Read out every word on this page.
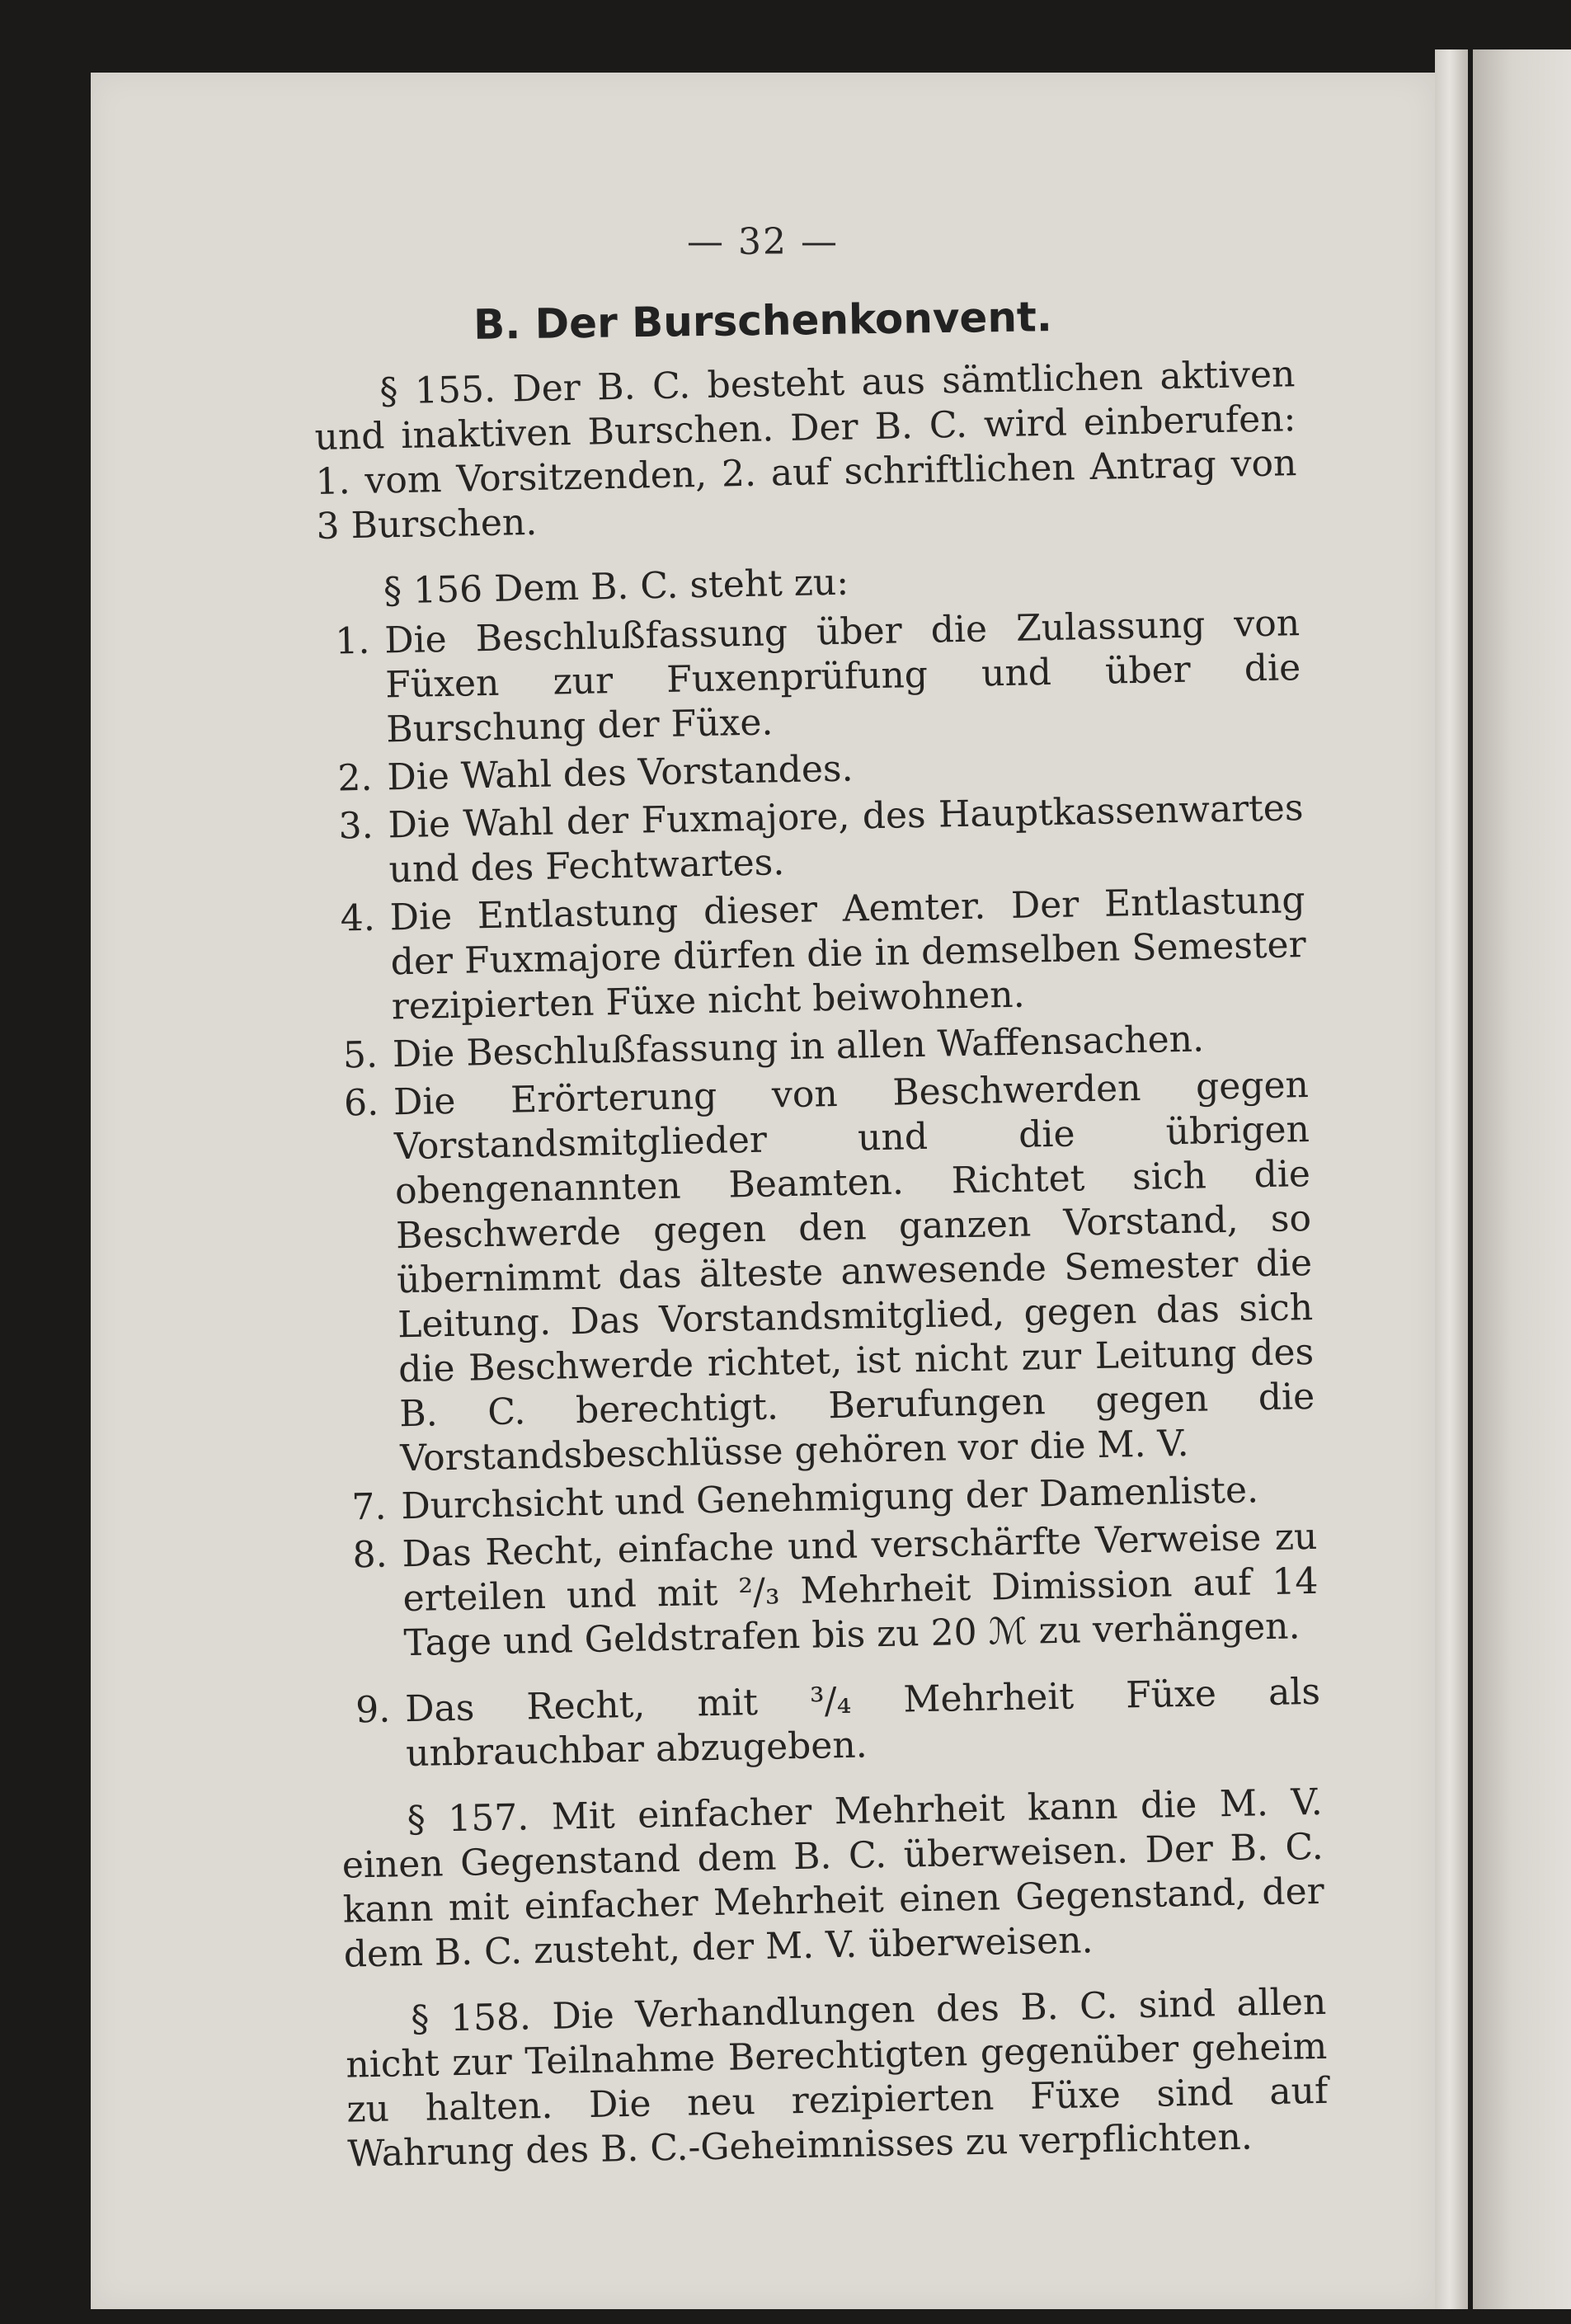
— 32 —
B. Der Burschenkonvent.

§ 155. Der B. C. besteht aus sämtlichen aktiven und inaktiven Burschen. Der B. C. wird einberufen: 1. vom Vorsitzenden, 2. auf schriftlichen Antrag von 3 Burschen.

§ 156 Dem B. C. steht zu:

1. Die Beschlußfassung über die Zulassung von Füxen zur Fuxenprüfung und über die Burschung der Füxe.
2. Die Wahl des Vorstandes.
3. Die Wahl der Fuxmajore, des Hauptkassenwartes und des Fechtwartes.
4. Die Entlastung dieser Aemter. Der Entlastung der Fuxmajore dürfen die in demselben Semester rezipierten Füxe nicht beiwohnen.
5. Die Beschlußfassung in allen Waffensachen.
6. Die Erörterung von Beschwerden gegen Vorstandsmitglieder und die übrigen obengenannten Beamten. Richtet sich die Beschwerde gegen den ganzen Vorstand, so übernimmt das älteste anwesende Semester die Leitung. Das Vorstandsmitglied, gegen das sich die Beschwerde richtet, ist nicht zur Leitung des B. C. berechtigt. Berufungen gegen die Vorstandsbeschlüsse gehören vor die M. V.
7. Durchsicht und Genehmigung der Damenliste.
8. Das Recht, einfache und verschärfte Verweise zu erteilen und mit ²/₃ Mehrheit Dimission auf 14 Tage und Geldstrafen bis zu 20 ℳ zu verhängen.
9. Das Recht, mit ³/₄ Mehrheit Füxe als unbrauchbar abzugeben.

§ 157. Mit einfacher Mehrheit kann die M. V. einen Gegenstand dem B. C. überweisen. Der B. C. kann mit einfacher Mehrheit einen Gegenstand, der dem B. C. zusteht, der M. V. überweisen.

§ 158. Die Verhandlungen des B. C. sind allen nicht zur Teilnahme Berechtigten gegenüber geheim zu halten. Die neu rezipierten Füxe sind auf Wahrung des B. C.-Geheimnisses zu verpflichten.
